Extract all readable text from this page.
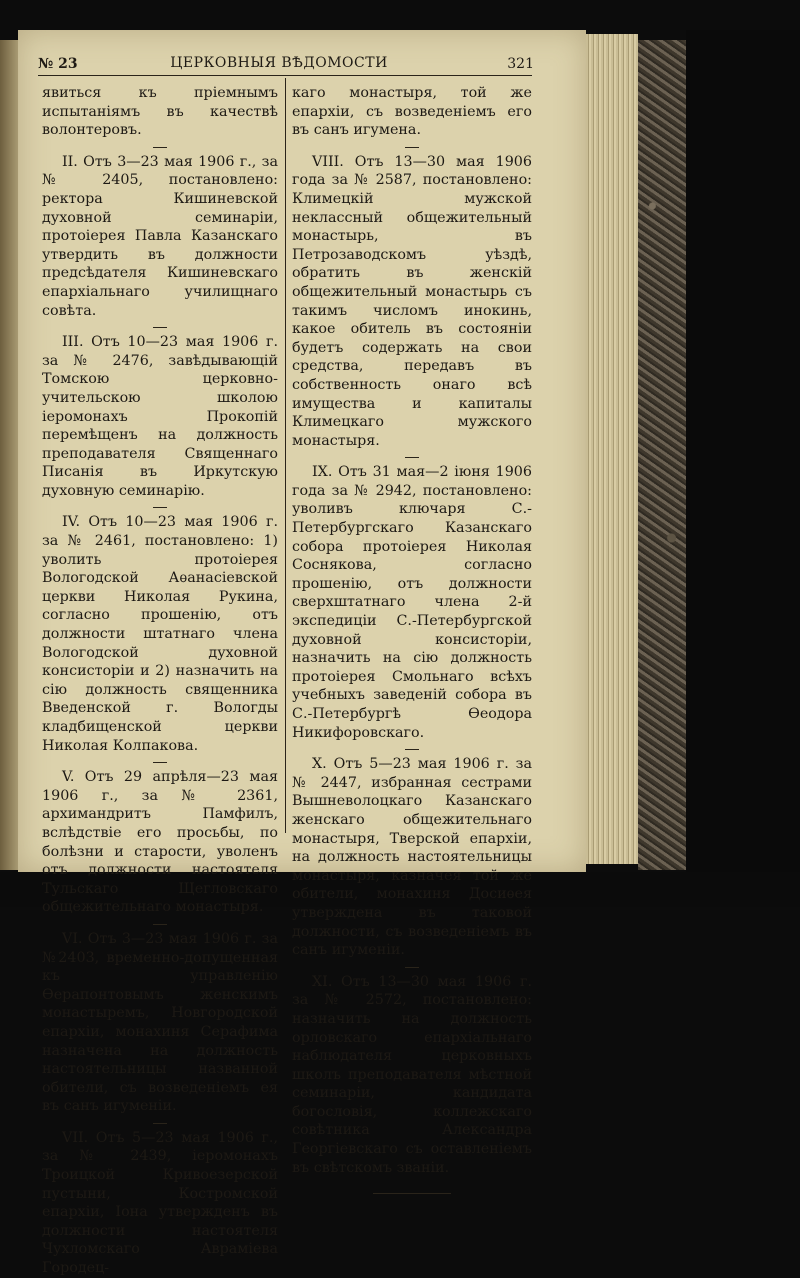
№ 23	ЦЕРКОВНЫЯ ВѢДОМОСТИ	321

явиться къ пріемнымъ испытаніямъ въ качествѣ волонтеровъ.

II. Отъ 3—23 мая 1906 г., за № 2405, постановлено: ректора Кишиневской духовной семинаріи, протоіерея Павла Казанскаго утвердить въ должности предсѣдателя Кишиневскаго епархіальнаго училищнаго совѣта.

III. Отъ 10—23 мая 1906 г. за № 2476, завѣдывающій Томскою церковно-учительскою школою іеромонахъ Прокопій перемѣщенъ на должность преподавателя Священнаго Писанія въ Иркутскую духовную семинарію.

IV. Отъ 10—23 мая 1906 г. за № 2461, постановлено: 1) уволить протоіерея Вологодской Аѳанасіевской церкви Николая Рукина, согласно прошенію, отъ должности штатнаго члена Вологодской духовной консисторіи и 2) назначить на сію должность священника Введенской г. Вологды кладбищенской церкви Николая Колпакова.

V. Отъ 29 апрѣля—23 мая 1906 г., за № 2361, архимандритъ Памфилъ, вслѣдствіе его просьбы, по болѣзни и старости, уволенъ отъ должности настоятеля Тульскаго Щегловскаго общежительнаго монастыря.

VI. Отъ 3—23 мая 1906 г. за №2403, временно-допущенная къ управленію Ѳерапонтовымъ женскимъ монастыремъ, Новгородской епархіи, монахиня Серафима назначена на должность настоятельницы названной обители, съ возведеніемъ ея въ санъ игуменіи.

VII. Отъ 5—23 мая 1906 г., за № 2439, іеромонахъ Троицкой Кривоезерской пустыни, Костромской епархіи, Іона утвержденъ въ должности настоятеля Чухломскаго Авраміева Городец-

каго монастыря, той же епархіи, съ возведеніемъ его въ санъ игумена.

VIII. Отъ 13—30 мая 1906 года за № 2587, постановлено: Климецкій мужской неклассный общежительный монастырь, въ Петрозаводскомъ уѣздѣ, обратить въ женскій общежительный монастырь съ такимъ числомъ инокинь, какое обитель въ состояніи будетъ содержать на свои средства, передавъ въ собственность онаго всѣ имущества и капиталы Климецкаго мужского монастыря.

IX. Отъ 31 мая—2 іюня 1906 года за № 2942, постановлено: уволивъ ключаря С.-Петербургскаго Казанскаго собора протоіерея Николая Соснякова, согласно прошенію, отъ должности сверхштатнаго члена 2-й экспедиціи С.-Петербургской духовной консисторіи, назначить на сію должность протоіерея Смольнаго всѣхъ учебныхъ заведеній собора въ С.-Петербургѣ Ѳеодора Никифоровскаго.

X. Отъ 5—23 мая 1906 г. за № 2447, избранная сестрами Вышневолоцкаго Казанскаго женскаго общежительнаго монастыря, Тверской епархіи, на должность настоятельницы монастыря, казначея той же обители, монахиня Досиѳея утверждена въ таковой должности, съ возведеніемъ въ санъ игуменіи.

XI. Отъ 13—30 мая 1906 г. за № 2572, постановлено: назначить на должность орловскаго епархіальнаго наблюдателя церковныхъ школъ преподавателя мѣстной семинаріи, кандидата богословія, коллежскаго совѣтника Александра Георгіевскаго съ оставленіемъ въ свѣтскомъ званіи.
